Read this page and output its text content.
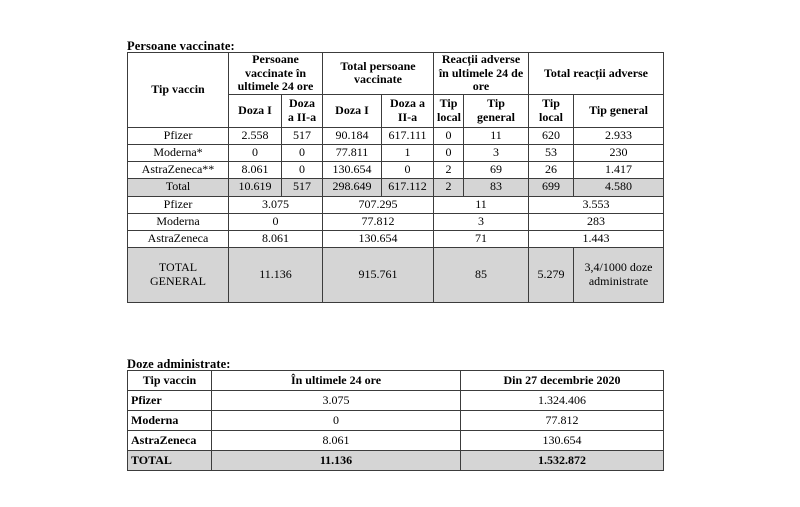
Persoane vaccinate:
Tip vaccin	Persoane vaccinate în ultimele 24 ore		Total persoane vaccinate		Reacții adverse în ultimele 24 de ore		Total reacții adverse	
	Doza I	Doza a II-a	Doza I	Doza a II-a	Tip local	Tip general	Tip local	Tip general
Pfizer	2.558	517	90.184	617.111	0	11	620	2.933
Moderna*	0	0	77.811	1	0	3	53	230
AstraZeneca**	8.061	0	130.654	0	2	69	26	1.417
Total	10.619	517	298.649	617.112	2	83	699	4.580
Pfizer	3.075		707.295		11		3.553	
Moderna	0		77.812		3		283	
AstraZeneca	8.061		130.654		71		1.443	
TOTAL GENERAL	11.136		915.761		85		5.279	3,4/1000 doze administrate
Doze administrate:
Tip vaccin	În ultimele 24 ore	Din 27 decembrie 2020
Pfizer	3.075	1.324.406
Moderna	0	77.812
AstraZeneca	8.061	130.654
TOTAL	11.136	1.532.872
